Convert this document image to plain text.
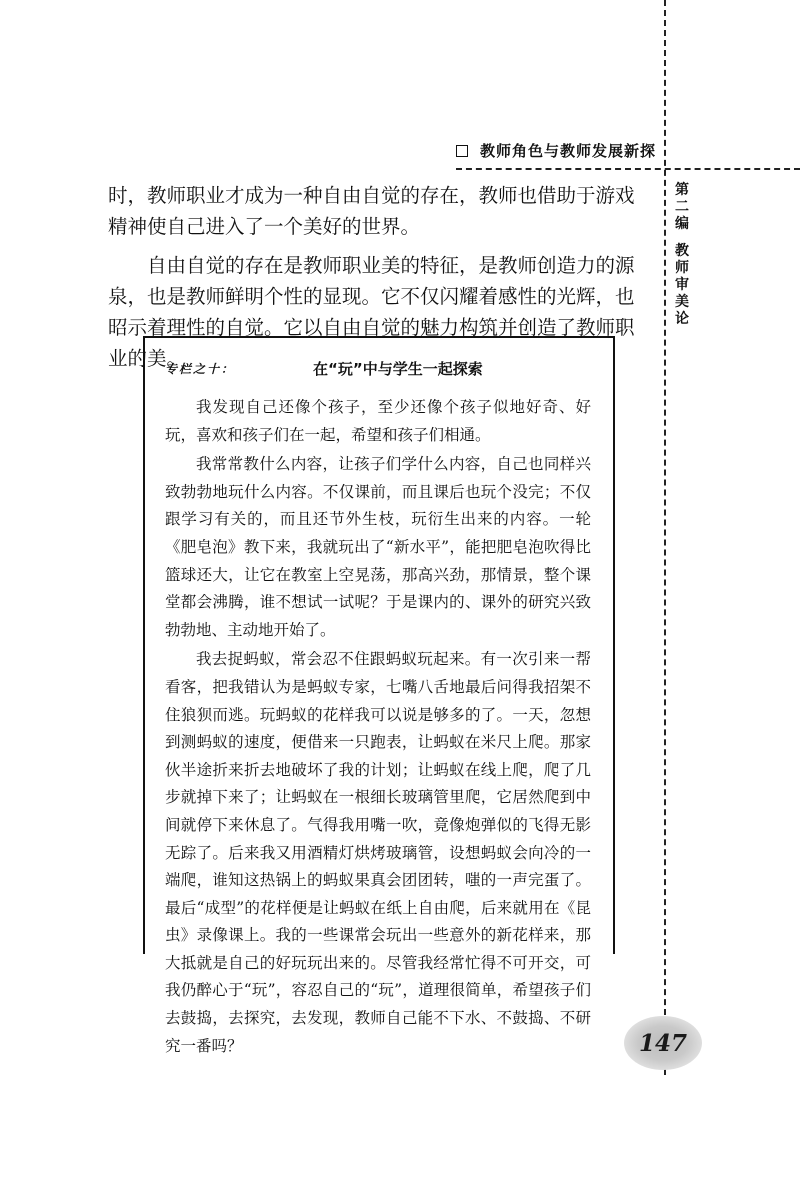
教师角色与教师发展新探
第二编
教师审美论

时，教师职业才成为一种自由自觉的存在，教师也借助于游戏精神使自己进入了一个美好的世界。

自由自觉的存在是教师职业美的特征，是教师创造力的源泉，也是教师鲜明个性的显现。它不仅闪耀着感性的光辉，也昭示着理性的自觉。它以自由自觉的魅力构筑并创造了教师职业的美。

专栏之十：	在“玩”中与学生一起探索

我发现自己还像个孩子，至少还像个孩子似地好奇、好玩，喜欢和孩子们在一起，希望和孩子们相通。

我常常教什么内容，让孩子们学什么内容，自己也同样兴致勃勃地玩什么内容。不仅课前，而且课后也玩个没完；不仅跟学习有关的，而且还节外生枝，玩衍生出来的内容。一轮《肥皂泡》教下来，我就玩出了“新水平”，能把肥皂泡吹得比篮球还大，让它在教室上空晃荡，那高兴劲，那情景，整个课堂都会沸腾，谁不想试一试呢？于是课内的、课外的研究兴致勃勃地、主动地开始了。

我去捉蚂蚁，常会忍不住跟蚂蚁玩起来。有一次引来一帮看客，把我错认为是蚂蚁专家，七嘴八舌地最后问得我招架不住狼狈而逃。玩蚂蚁的花样我可以说是够多的了。一天，忽想到测蚂蚁的速度，便借来一只跑表，让蚂蚁在米尺上爬。那家伙半途折来折去地破坏了我的计划；让蚂蚁在线上爬，爬了几步就掉下来了；让蚂蚁在一根细长玻璃管里爬，它居然爬到中间就停下来休息了。气得我用嘴一吹，竟像炮弹似的飞得无影无踪了。后来我又用酒精灯烘烤玻璃管，设想蚂蚁会向冷的一端爬，谁知这热锅上的蚂蚁果真会团团转，嗤的一声完蛋了。最后“成型”的花样便是让蚂蚁在纸上自由爬，后来就用在《昆虫》录像课上。我的一些课常会玩出一些意外的新花样来，那大抵就是自己的好玩玩出来的。尽管我经常忙得不可开交，可我仍醉心于“玩”，容忍自己的“玩”，道理很简单，希望孩子们去鼓捣，去探究，去发现，教师自己能不下水、不鼓捣、不研究一番吗？	147
